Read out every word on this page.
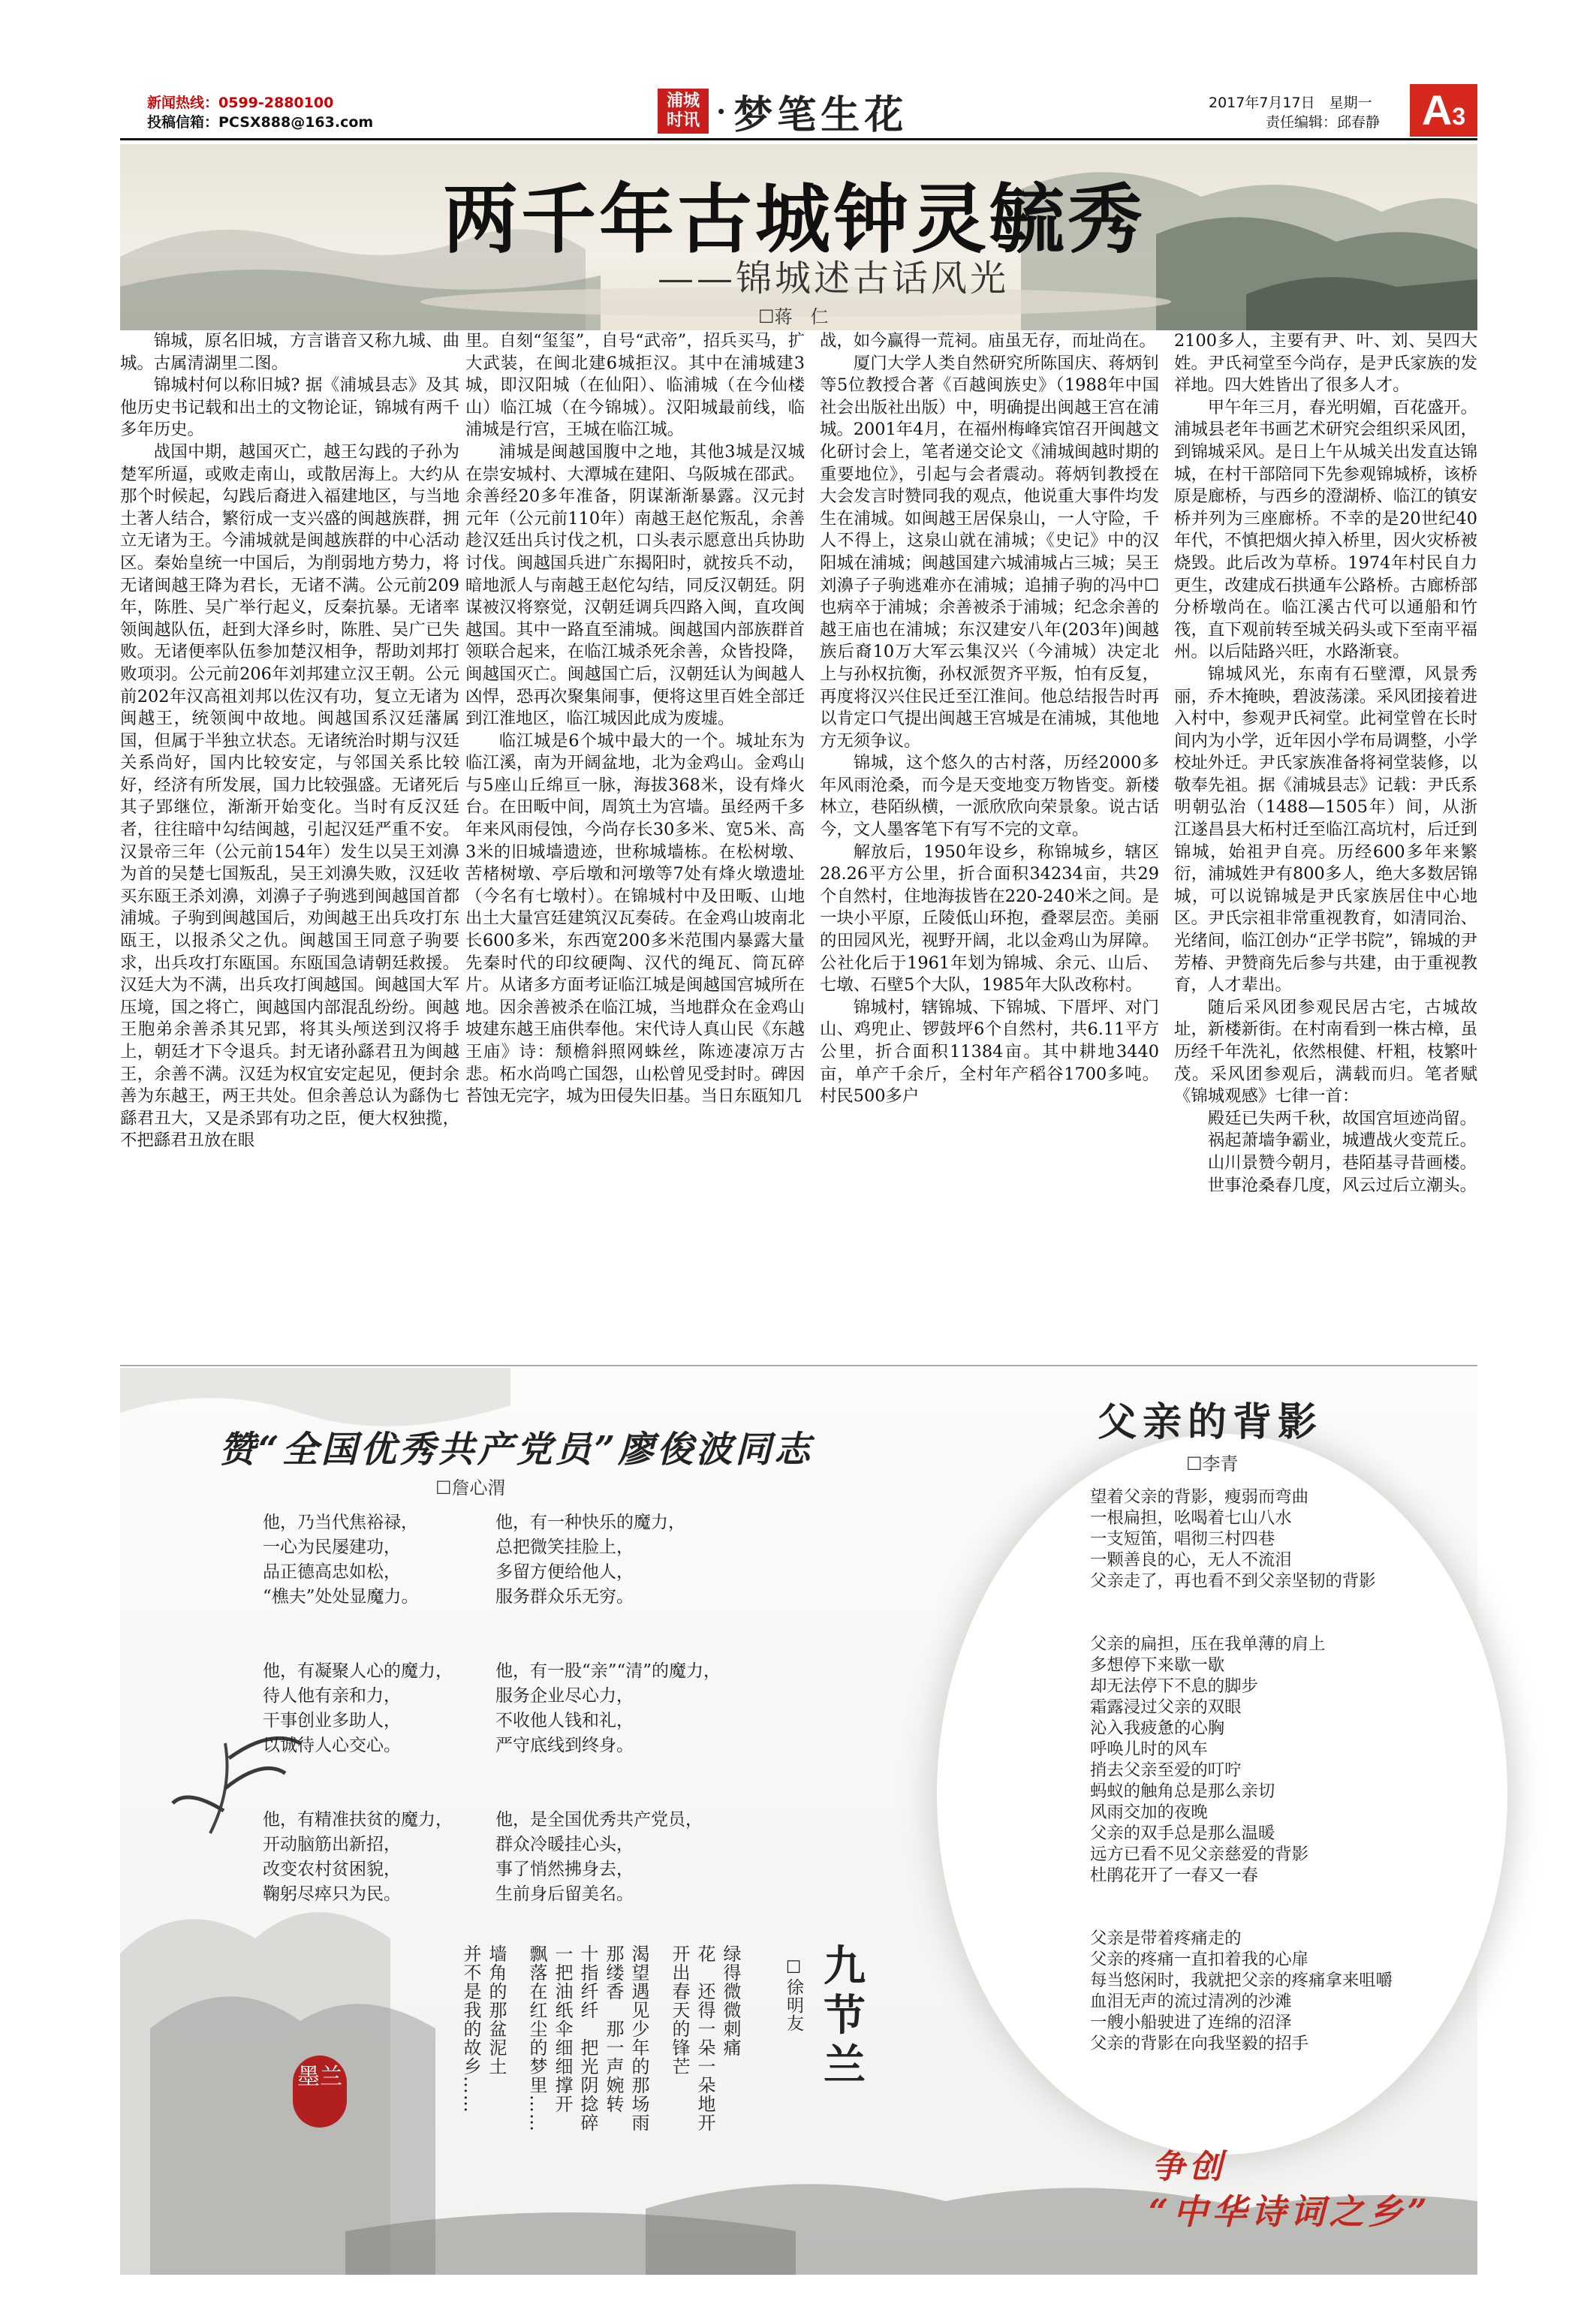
新闻热线：0599-2880100
投稿信箱：PCSX888@163.com
浦城时讯 · 梦笔生花	2017年7月17日　星期一
责任编辑：邱春静 A3
两千年古城钟灵毓秀
——锦城述古话风光
☐蒋　仁

锦城，原名旧城，方言谐音又称九城、曲城。古属清湖里二图。

锦城村何以称旧城? 据《浦城县志》及其他历史书记载和出土的文物论证，锦城有两千多年历史。

战国中期，越国灭亡，越王勾践的子孙为楚军所逼，或败走南山，或散居海上。大约从那个时候起，勾践后裔进入福建地区，与当地土著人结合，繁衍成一支兴盛的闽越族群，拥立无诸为王。今浦城就是闽越族群的中心活动区。秦始皇统一中国后，为削弱地方势力，将无诸闽越王降为君长，无诸不满。公元前209年，陈胜、吴广举行起义，反秦抗暴。无诸率领闽越队伍，赶到大泽乡时，陈胜、吴广已失败。无诸便率队伍参加楚汉相争，帮助刘邦打败项羽。公元前206年刘邦建立汉王朝。公元前202年汉高祖刘邦以佐汉有功，复立无诸为闽越王，统领闽中故地。闽越国系汉廷藩属国，但属于半独立状态。无诸统治时期与汉廷关系尚好，国内比较安定，与邻国关系比较好，经济有所发展，国力比较强盛。无诸死后其子郢继位，渐渐开始变化。当时有反汉廷者，往往暗中勾结闽越，引起汉廷严重不安。汉景帝三年（公元前154年）发生以吴王刘濞为首的吴楚七国叛乱，吴王刘濞失败，汉廷收买东瓯王杀刘濞，刘濞子子驹逃到闽越国首都浦城。子驹到闽越国后，劝闽越王出兵攻打东瓯王，以报杀父之仇。闽越国王同意子驹要求，出兵攻打东瓯国。东瓯国急请朝廷救援。汉廷大为不满，出兵攻打闽越国。闽越国大军压境，国之将亡，闽越国内部混乱纷纷。闽越王胞弟余善杀其兄郢，将其头颅送到汉将手上，朝廷才下令退兵。封无诸孙繇君丑为闽越王，余善不满。汉廷为权宜安定起见，便封余善为东越王，两王共处。但余善总认为繇伪七繇君丑大，又是杀郢有功之臣，便大权独揽，不把繇君丑放在眼

里。自刻“玺玺”，自号“武帝”，招兵买马，扩大武装，在闽北建6城拒汉。其中在浦城建3城，即汉阳城（在仙阳）、临浦城（在今仙楼山）临江城（在今锦城）。汉阳城最前线，临浦城是行宫，王城在临江城。

浦城是闽越国腹中之地，其他3城是汉城在崇安城村、大潭城在建阳、乌阪城在邵武。余善经20多年准备，阴谋渐渐暴露。汉元封元年（公元前110年）南越王赵佗叛乱，余善趁汉廷出兵讨伐之机，口头表示愿意出兵协助讨伐。闽越国兵进广东揭阳时，就按兵不动，暗地派人与南越王赵佗勾结，同反汉朝廷。阴谋被汉将察觉，汉朝廷调兵四路入闽，直攻闽越国。其中一路直至浦城。闽越国内部族群首领联合起来，在临江城杀死余善，众皆投降，闽越国灭亡。闽越国亡后，汉朝廷认为闽越人凶悍，恐再次聚集闹事，便将这里百姓全部迁到江淮地区，临江城因此成为废墟。

临江城是6个城中最大的一个。城址东为临江溪，南为开阔盆地，北为金鸡山。金鸡山与5座山丘绵亘一脉，海拔368米，设有烽火台。在田畈中间，周筑土为宫墙。虽经两千多年来风雨侵蚀，今尚存长30多米、宽5米、高3米的旧城墙遗迹，世称城墙栋。在松树墩、苦楮树墩、亭后墩和河墩等7处有烽火墩遗址（今名有七墩村）。在锦城村中及田畈、山地出土大量宫廷建筑汉瓦奏砖。在金鸡山坡南北长600多米，东西宽200多米范围内暴露大量先秦时代的印纹硬陶、汉代的绳瓦、筒瓦碎片。从诸多方面考证临江城是闽越国宫城所在地。因余善被杀在临江城，当地群众在金鸡山坡建东越王庙供奉他。宋代诗人真山民《东越王庙》诗：颓檐斜照网蛛丝，陈迹凄凉万古悲。柘水尚鸣亡国怨，山松曾见受封时。碑因苔蚀无完字，城为田侵失旧基。当日东瓯知几

战，如今赢得一荒祠。庙虽无存，而址尚在。

厦门大学人类自然研究所陈国庆、蒋炳钊等5位教授合著《百越闽族史》（1988年中国社会出版社出版）中，明确提出闽越王宫在浦城。2001年4月，在福州梅峰宾馆召开闽越文化研讨会上，笔者递交论文《浦城闽越时期的重要地位》，引起与会者震动。蒋炳钊教授在大会发言时赞同我的观点，他说重大事件均发生在浦城。如闽越王居保泉山，一人守险，千人不得上，这泉山就在浦城；《史记》中的汉阳城在浦城；闽越国建六城浦城占三城；吴王刘濞子子驹逃难亦在浦城；追捕子驹的冯中☐也病卒于浦城；余善被杀于浦城；纪念余善的越王庙也在浦城；东汉建安八年(203年)闽越族后裔10万大军云集汉兴（今浦城）决定北上与孙权抗衡，孙权派贺齐平叛，怕有反复，再度将汉兴住民迁至江淮间。他总结报告时再以肯定口气提出闽越王宫城是在浦城，其他地方无须争议。

锦城，这个悠久的古村落，历经2000多年风雨沧桑，而今是天变地变万物皆变。新楼林立，巷陌纵横，一派欣欣向荣景象。说古话今，文人墨客笔下有写不完的文章。

解放后，1950年设乡，称锦城乡，辖区28.26平方公里，折合面积34234亩，共29个自然村，住地海拔皆在220-240米之间。是一块小平原，丘陵低山环抱，叠翠层峦。美丽的田园风光，视野开阔，北以金鸡山为屏障。公社化后于1961年划为锦城、余元、山后、七墩、石壁5个大队，1985年大队改称村。

锦城村，辖锦城、下锦城、下厝坪、对门山、鸡兜止、锣鼓坪6个自然村，共6.11平方公里，折合面积11384亩。其中耕地3440亩，单产千余斤，全村年产稻谷1700多吨。村民500多户

2100多人，主要有尹、叶、刘、吴四大姓。尹氏祠堂至今尚存，是尹氏家族的发祥地。四大姓皆出了很多人才。

甲午年三月，春光明媚，百花盛开。浦城县老年书画艺术研究会组织采风团，到锦城采风。是日上午从城关出发直达锦城，在村干部陪同下先参观锦城桥，该桥原是廊桥，与西乡的澄湖桥、临江的镇安桥并列为三座廊桥。不幸的是20世纪40年代，不慎把烟火掉入桥里，因火灾桥被烧毁。此后改为草桥。1974年村民自力更生，改建成石拱通车公路桥。古廊桥部分桥墩尚在。临江溪古代可以通船和竹筏，直下观前转至城关码头或下至南平福州。以后陆路兴旺，水路渐衰。

锦城风光，东南有石壁潭，风景秀丽，乔木掩映，碧波荡漾。采风团接着进入村中，参观尹氏祠堂。此祠堂曾在长时间内为小学，近年因小学布局调整，小学校址外迁。尹氏家族准备将祠堂装修，以敬奉先祖。据《浦城县志》记载：尹氏系明朝弘治（1488—1505年）间，从浙江遂昌县大柘村迁至临江高坑村，后迁到锦城，始祖尹自亮。历经600多年来繁衍，浦城姓尹有800多人，绝大多数居锦城，可以说锦城是尹氏家族居住中心地区。尹氏宗祖非常重视教育，如清同治、光绪间，临江创办“正学书院”，锦城的尹芳椿、尹赞商先后参与共建，由于重视教育，人才辈出。

随后采风团参观民居古宅，古城故址，新楼新街。在村南看到一株古樟，虽历经千年洗礼，依然根健、杆粗，枝繁叶茂。采风团参观后，满载而归。笔者赋《锦城观感》七律一首：

殿廷已失两千秋，故国宫垣迹尚留。

祸起萧墙争霸业，城遭战火变荒丘。

山川景赞今朝月，巷陌基寻昔画楼。

世事沧桑春几度，风云过后立潮头。

赞“全国优秀共产党员”廖俊波同志
☐詹心渭
他，乃当代焦裕禄，
一心为民屡建功，
品正德高忠如松，
“樵夫”处处显魔力。
他，有凝聚人心的魔力，
待人他有亲和力，
干事创业多助人，
以诚待人心交心。
他，有精准扶贫的魔力，
开动脑筋出新招，
改变农村贫困貌，
鞠躬尽瘁只为民。
他，有一种快乐的魔力，
总把微笑挂脸上，
多留方便给他人，
服务群众乐无穷。
他，有一股“亲”“清”的魔力，
服务企业尽心力，
不收他人钱和礼，
严守底线到终身。
他，是全国优秀共产党员，
群众冷暖挂心头，
事了悄然拂身去，
生前身后留美名。
父亲的背影
☐李青
望着父亲的背影，瘦弱而弯曲
一根扁担，吆喝着七山八水
一支短笛，唱彻三村四巷
一颗善良的心，无人不流泪
父亲走了，再也看不到父亲坚韧的背影
父亲的扁担，压在我单薄的肩上
多想停下来歇一歇
却无法停下不息的脚步
霜露浸过父亲的双眼
沁入我疲惫的心胸
呼唤儿时的风车
捎去父亲至爱的叮咛
蚂蚁的触角总是那么亲切
风雨交加的夜晚
父亲的双手总是那么温暖
远方已看不见父亲慈爱的背影
杜鹃花开了一春又一春
父亲是带着疼痛走的
父亲的疼痛一直扣着我的心扉
每当悠闲时，我就把父亲的疼痛拿来咀嚼
血泪无声的流过清冽的沙滩
一艘小船驶进了连绵的沼泽
父亲的背影在向我坚毅的招手
九节兰
☐徐明友
绿得微微刺痛
花　还得一朵一朵地开
开出春天的锋芒
渴望遇见少年的那场雨
那缕香　那一声婉转
十指纤纤　把光阴捻碎
一把油纸伞细细撑开
飘落在红尘的梦里……
墙角的那盆泥土
并不是我的故乡……
墨兰
争创
“中华诗词之乡”
